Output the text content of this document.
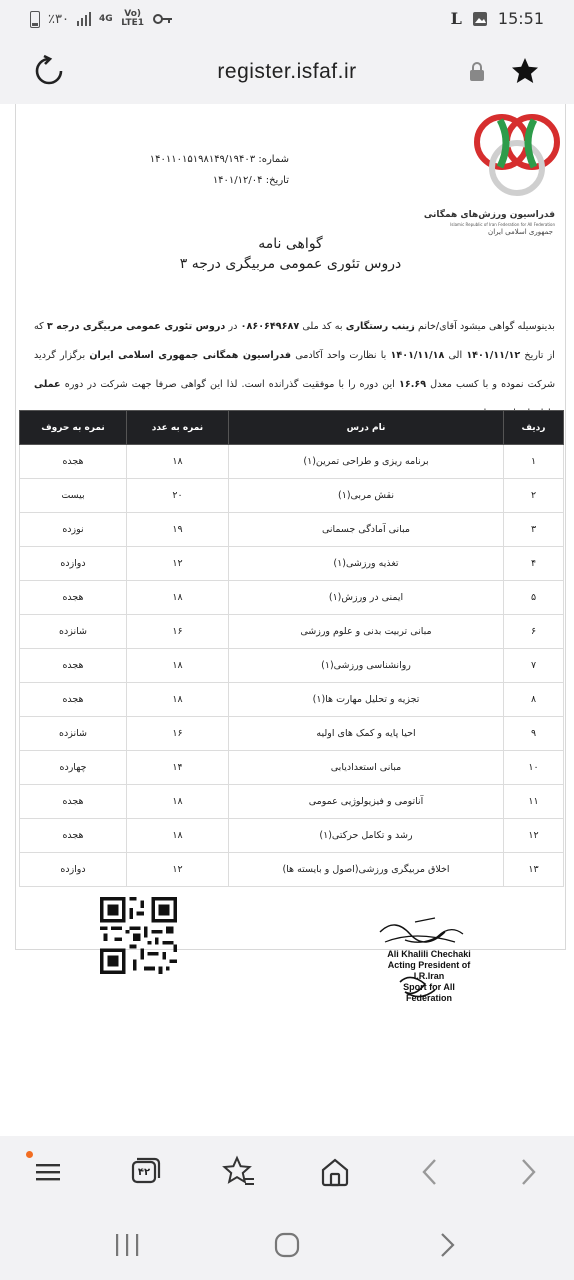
٪۳۰	4G	Vo) LTE1	L 15:51
register.isfaf.ir
فدراسیون ورزش‌های همگانی
Islamic Republic of Iran Federation for All Federation
جمهوری اسلامی ایران
شماره: ۱۴۰۱۱۰۱۵۱۹۸۱۴۹/۱۹۴۰۳
تاریخ: ۱۴۰۱/۱۲/۰۴
گواهی نامه
دروس تئوری عمومی مربیگری درجه ۳
بدینوسیله گواهی میشود آقای/خانم زینب رستگاری به کد ملی ۰۸۶۰۶۴۹۶۸۷ در دروس تئوری عمومی مربیگری درجه ۳ که از تاریخ ۱۴۰۱/۱۱/۱۲ الی ۱۴۰۱/۱۱/۱۸ با نظارت واحد آکادمی فدراسیون همگانی جمهوری اسلامی ایران برگزار گردید شرکت نموده و با کسب معدل ۱۶.۶۹ این دوره را با موفقیت گذرانده است. لذا این گواهی صرفا جهت شرکت در دوره عملی
ردیف	نام درس	نمره به عدد	نمره به حروف
۱	برنامه ریزی و طراحی تمرین(۱)	۱۸	هجده
۲	نقش مربی(۱)	۲۰	بیست
۳	مبانی آمادگی جسمانی	۱۹	نوزده
۴	تغذیه ورزشی(۱)	۱۲	دوازده
۵	ایمنی در ورزش(۱)	۱۸	هجده
۶	مبانی تربیت بدنی و علوم ورزشی	۱۶	شانزده
۷	روانشناسی ورزشی(۱)	۱۸	هجده
۸	تجزیه و تحلیل مهارت ها(۱)	۱۸	هجده
۹	احیا پایه و کمک های اولیه	۱۶	شانزده
۱۰	مبانی استعدادیابی	۱۴	چهارده
۱۱	آناتومی و فیزیولوژیی عمومی	۱۸	هجده
۱۲	رشد و تکامل حرکتی(۱)	۱۸	هجده
۱۳	اخلاق مربیگری ورزشی(اصول و بایسته ها)	۱۲	دوازده
Ali Khalili Chechaki
Acting President of I.R.Iran
Sport for All Federation
۴۲
